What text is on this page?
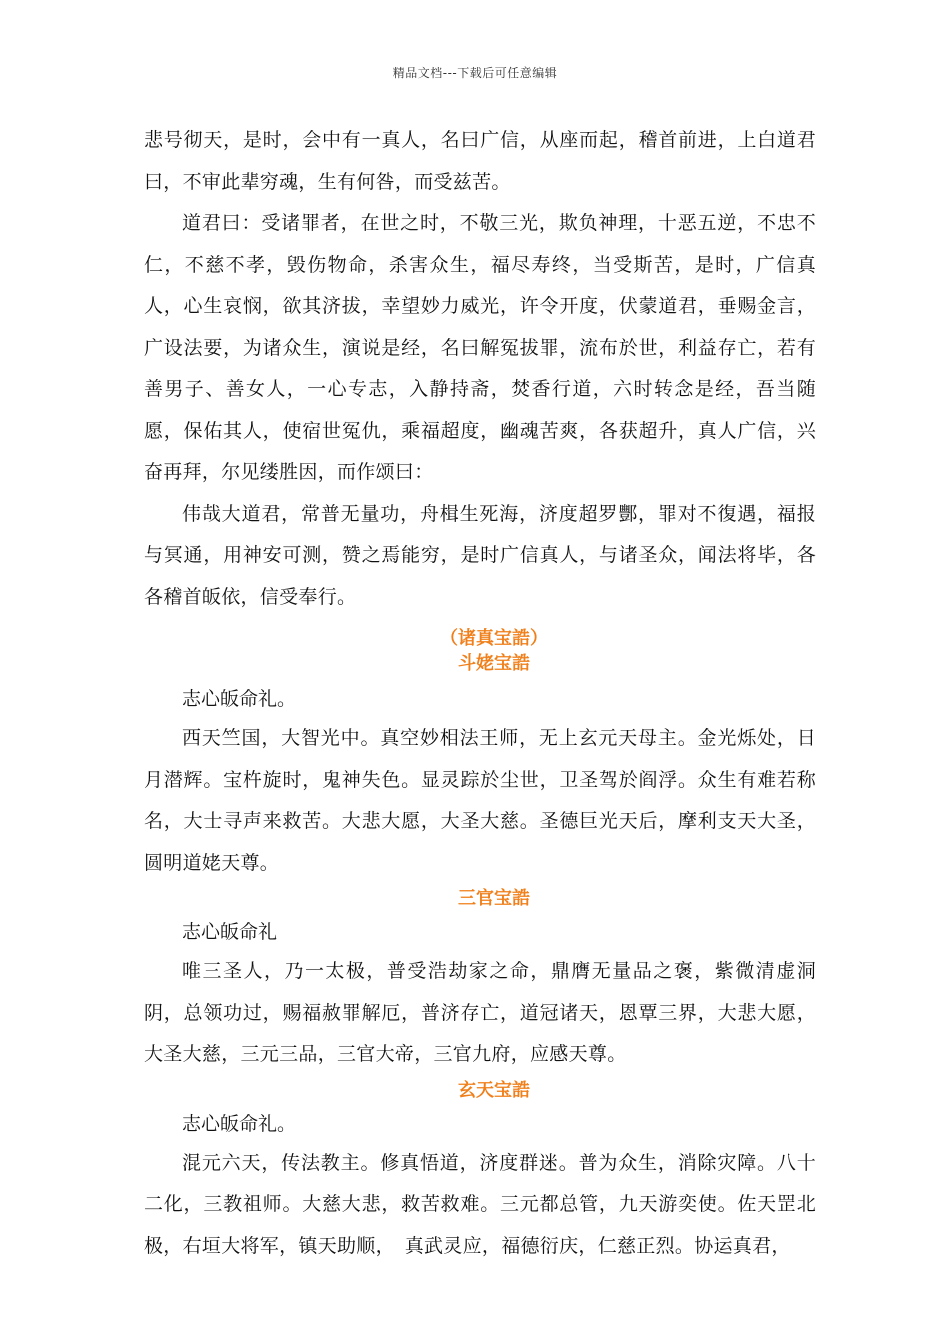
精品文档---下载后可任意编辑

悲号彻天，是时，会中有一真人，名曰广信，从座而起，稽首前进，上白道君曰，不审此辈穷魂，生有何咎，而受兹苦。

道君曰：受诸罪者，在世之时，不敬三光，欺负神理，十恶五逆，不忠不仁，不慈不孝，毁伤物命，杀害众生，福尽寿终，当受斯苦，是时，广信真人，心生哀悯，欲其济拔，幸望妙力威光，许令开度，伏蒙道君，垂赐金言，广设法要，为诸众生，演说是经，名曰解冤拔罪，流布於世，利益存亡，若有善男子、善女人，一心专志，入静持斋，焚香行道，六时转念是经，吾当随愿，保佑其人，使宿世冤仇，乘福超度，幽魂苦爽，各获超升，真人广信，兴奋再拜，尔见缕胜因，而作颂曰：

伟哉大道君，常普无量功，舟楫生死海，济度超罗酆，罪对不復遇，福报与冥通，用神安可测，赞之焉能穷，是时广信真人，与诸圣众，闻法将毕，各各稽首皈依，信受奉行。

（诸真宝誥）

斗姥宝誥

志心皈命礼。

西天竺国，大智光中。真空妙相法王师，无上玄元天母主。金光烁处，日月潜辉。宝杵旋时，鬼神失色。显灵踪於尘世，卫圣驾於阎浮。众生有难若称名，大士寻声来救苦。大悲大愿，大圣大慈。圣德巨光天后，摩利支天大圣，圆明道姥天尊。

三官宝誥

志心皈命礼

唯三圣人，乃一太极，普受浩劫家之命，鼎膺无量品之褒，紫微清虚洞阴，总领功过，赐福赦罪解厄，普济存亡，道冠诸天，恩覃三界，大悲大愿，大圣大慈，三元三品，三官大帝，三官九府，应感天尊。

玄天宝誥

志心皈命礼。

混元六天，传法教主。修真悟道，济度群迷。普为众生，消除灾障。八十二化，三教祖师。大慈大悲，救苦救难。三元都总管，九天游奕使。佐天罡北极，右垣大将军，镇天助顺，　真武灵应，福德衍庆，仁慈正烈。协运真君，
